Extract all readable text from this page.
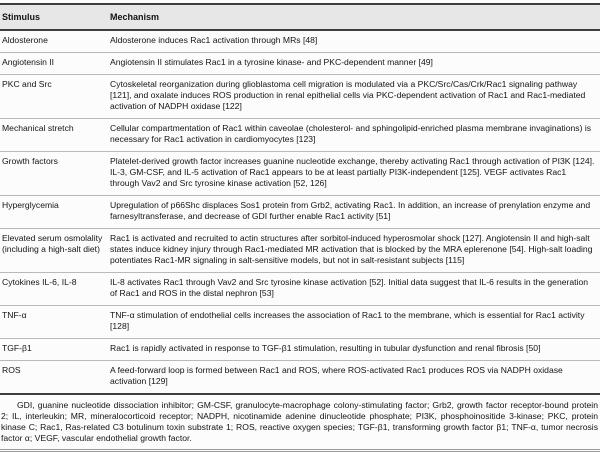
Stimulus	Mechanism
Aldosterone	Aldosterone induces Rac1 activation through MRs [48]
Angiotensin II	Angiotensin II stimulates Rac1 in a tyrosine kinase- and PKC-dependent manner [49]
PKC and Src	Cytoskeletal reorganization during glioblastoma cell migration is modulated via a PKC/Src/Cas/Crk/Rac1 signaling pathway [121], and oxalate induces ROS production in renal epithelial cells via PKC-dependent activation of Rac1 and Rac1-mediated activation of NADPH oxidase [122]
Mechanical stretch	Cellular compartmentation of Rac1 within caveolae (cholesterol- and sphingolipid-enriched plasma membrane invaginations) is necessary for Rac1 activation in cardiomyocytes [123]
Growth factors	Platelet-derived growth factor increases guanine nucleotide exchange, thereby activating Rac1 through activation of PI3K [124]. IL-3, GM-CSF, and IL-5 activation of Rac1 appears to be at least partially PI3K-independent [125]. VEGF activates Rac1 through Vav2 and Src tyrosine kinase activation [52, 126]
Hyperglycemia	Upregulation of p66Shc displaces Sos1 protein from Grb2, activating Rac1. In addition, an increase of prenylation enzyme and farnesyltransferase, and decrease of GDI further enable Rac1 activity [51]
Elevated serum osmolality (including a high-salt diet)	Rac1 is activated and recruited to actin structures after sorbitol-induced hyperosmolar shock [127]. Angiotensin II and high-salt states induce kidney injury through Rac1-mediated MR activation that is blocked by the MRA eplerenone [54]. High-salt loading potentiates Rac1-MR signaling in salt-sensitive models, but not in salt-resistant subjects [115]
Cytokines IL-6, IL-8	IL-8 activates Rac1 through Vav2 and Src tyrosine kinase activation [52]. Initial data suggest that IL-6 results in the generation of Rac1 and ROS in the distal nephron [53]
TNF-α	TNF-α stimulation of endothelial cells increases the association of Rac1 to the membrane, which is essential for Rac1 activity [128]
TGF-β1	Rac1 is rapidly activated in response to TGF-β1 stimulation, resulting in tubular dysfunction and renal fibrosis [50]
ROS	A feed-forward loop is formed between Rac1 and ROS, where ROS-activated Rac1 produces ROS via NADPH oxidase activation [129]

GDI, guanine nucleotide dissociation inhibitor; GM-CSF, granulocyte-macrophage colony-stimulating factor; Grb2, growth factor receptor-bound protein 2; IL, interleukin; MR, mineralocorticoid receptor; NADPH, nicotinamide adenine dinucleotide phosphate; PI3K, phosphoinositide 3-kinase; PKC, protein kinase C; Rac1, Ras-related C3 botulinum toxin substrate 1; ROS, reactive oxygen species; TGF-β1, transforming growth factor β1; TNF-α, tumor necrosis factor α; VEGF, vascular endothelial growth factor.
